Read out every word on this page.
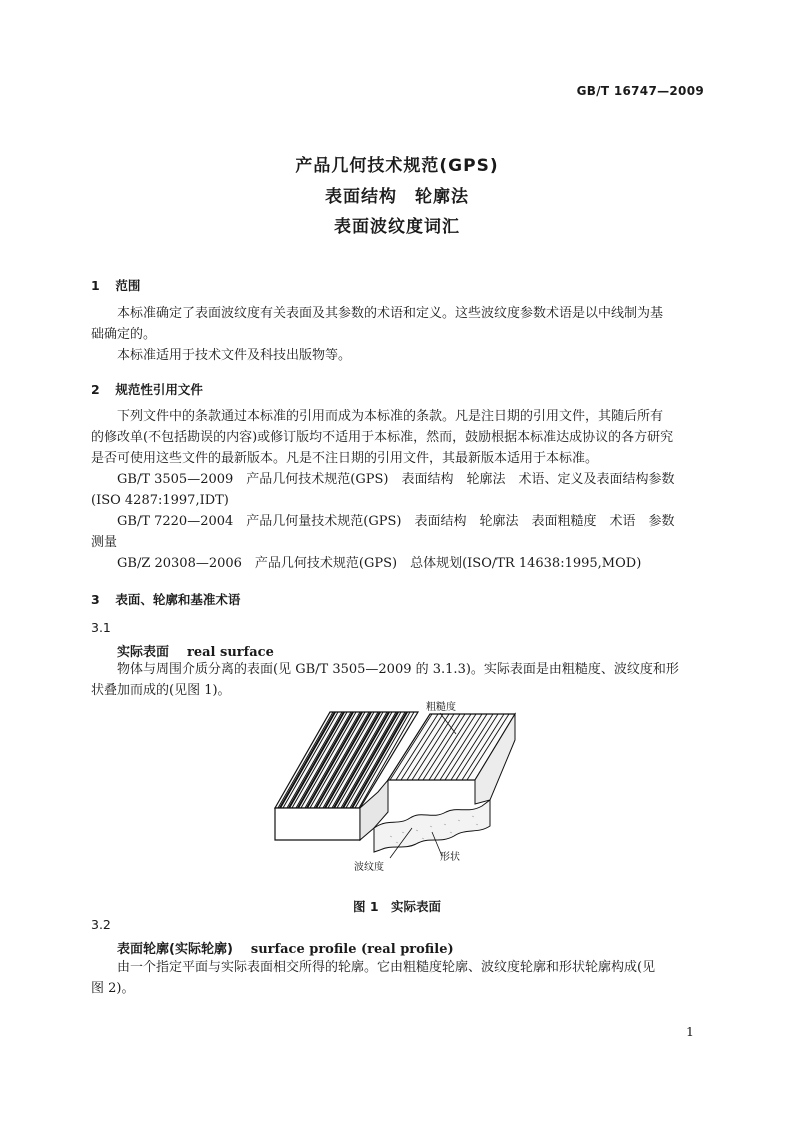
GB/T 16747—2009
产品几何技术规范(GPS)
表面结构　轮廓法
表面波纹度词汇
1 范围
本标准确定了表面波纹度有关表面及其参数的术语和定义。这些波纹度参数术语是以中线制为基
础确定的。
本标准适用于技术文件及科技出版物等。
2 规范性引用文件
下列文件中的条款通过本标准的引用而成为本标准的条款。凡是注日期的引用文件，其随后所有
的修改单(不包括勘误的内容)或修订版均不适用于本标准，然而，鼓励根据本标准达成协议的各方研究
是否可使用这些文件的最新版本。凡是不注日期的引用文件，其最新版本适用于本标准。
GB/T 3505—2009　产品几何技术规范(GPS)　表面结构　轮廓法　术语、定义及表面结构参数
(ISO 4287:1997,IDT)
GB/T 7220—2004　产品几何量技术规范(GPS)　表面结构　轮廓法　表面粗糙度　术语　参数
测量
GB/Z 20308—2006　产品几何技术规范(GPS)　总体规划(ISO/TR 14638:1995,MOD)
3 表面、轮廓和基准术语
3.1
实际表面 real surface
物体与周围介质分离的表面(见 GB/T 3505—2009 的 3.1.3)。实际表面是由粗糙度、波纹度和形
状叠加而成的(见图 1)。
粗糙度
波纹度
形状
图 1　实际表面
3.2
表面轮廓(实际轮廓) surface profile (real profile)
由一个指定平面与实际表面相交所得的轮廓。它由粗糙度轮廓、波纹度轮廓和形状轮廓构成(见
图 2)。
1
